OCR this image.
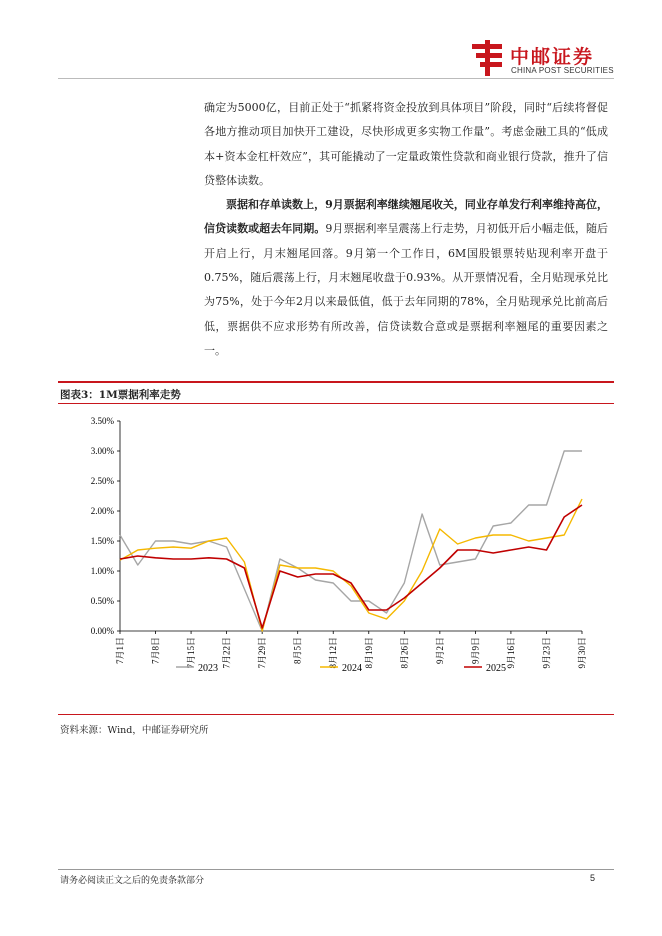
中邮证券
CHINA POST SECURITIES

确定为5000亿，目前正处于“抓紧将资金投放到具体项目”阶段，同时“后续将督促各地方推动项目加快开工建设，尽快形成更多实物工作量”。考虑金融工具的“低成本+资本金杠杆效应”，其可能撬动了一定量政策性贷款和商业银行贷款，推升了信贷整体读数。

票据和存单读数上，9月票据利率继续翘尾收关，同业存单发行利率维持高位，信贷读数或超去年同期。9月票据利率呈震荡上行走势，月初低开后小幅走低，随后开启上行，月末翘尾回落。9月第一个工作日，6M国股银票转贴现利率开盘于0.75%，随后震荡上行，月末翘尾收盘于0.93%。从开票情况看，全月贴现承兑比为75%，处于今年2月以来最低值，低于去年同期的78%，全月贴现承兑比前高后低，票据供不应求形势有所改善，信贷读数合意或是票据利率翘尾的重要因素之一。

图表3：1M票据利率走势
0.00%
0.50%
1.00%
1.50%
2.00%
2.50%
3.00%
3.50%
7月1日	7月8日	7月15日	7月22日	7月29日	8月5日	8月12日	8月19日	8月26日	9月2日	9月9日	9月16日	9月23日	9月30日
2023	2024	2025
资料来源：Wind，中邮证券研究所
请务必阅读正文之后的免责条款部分	5
